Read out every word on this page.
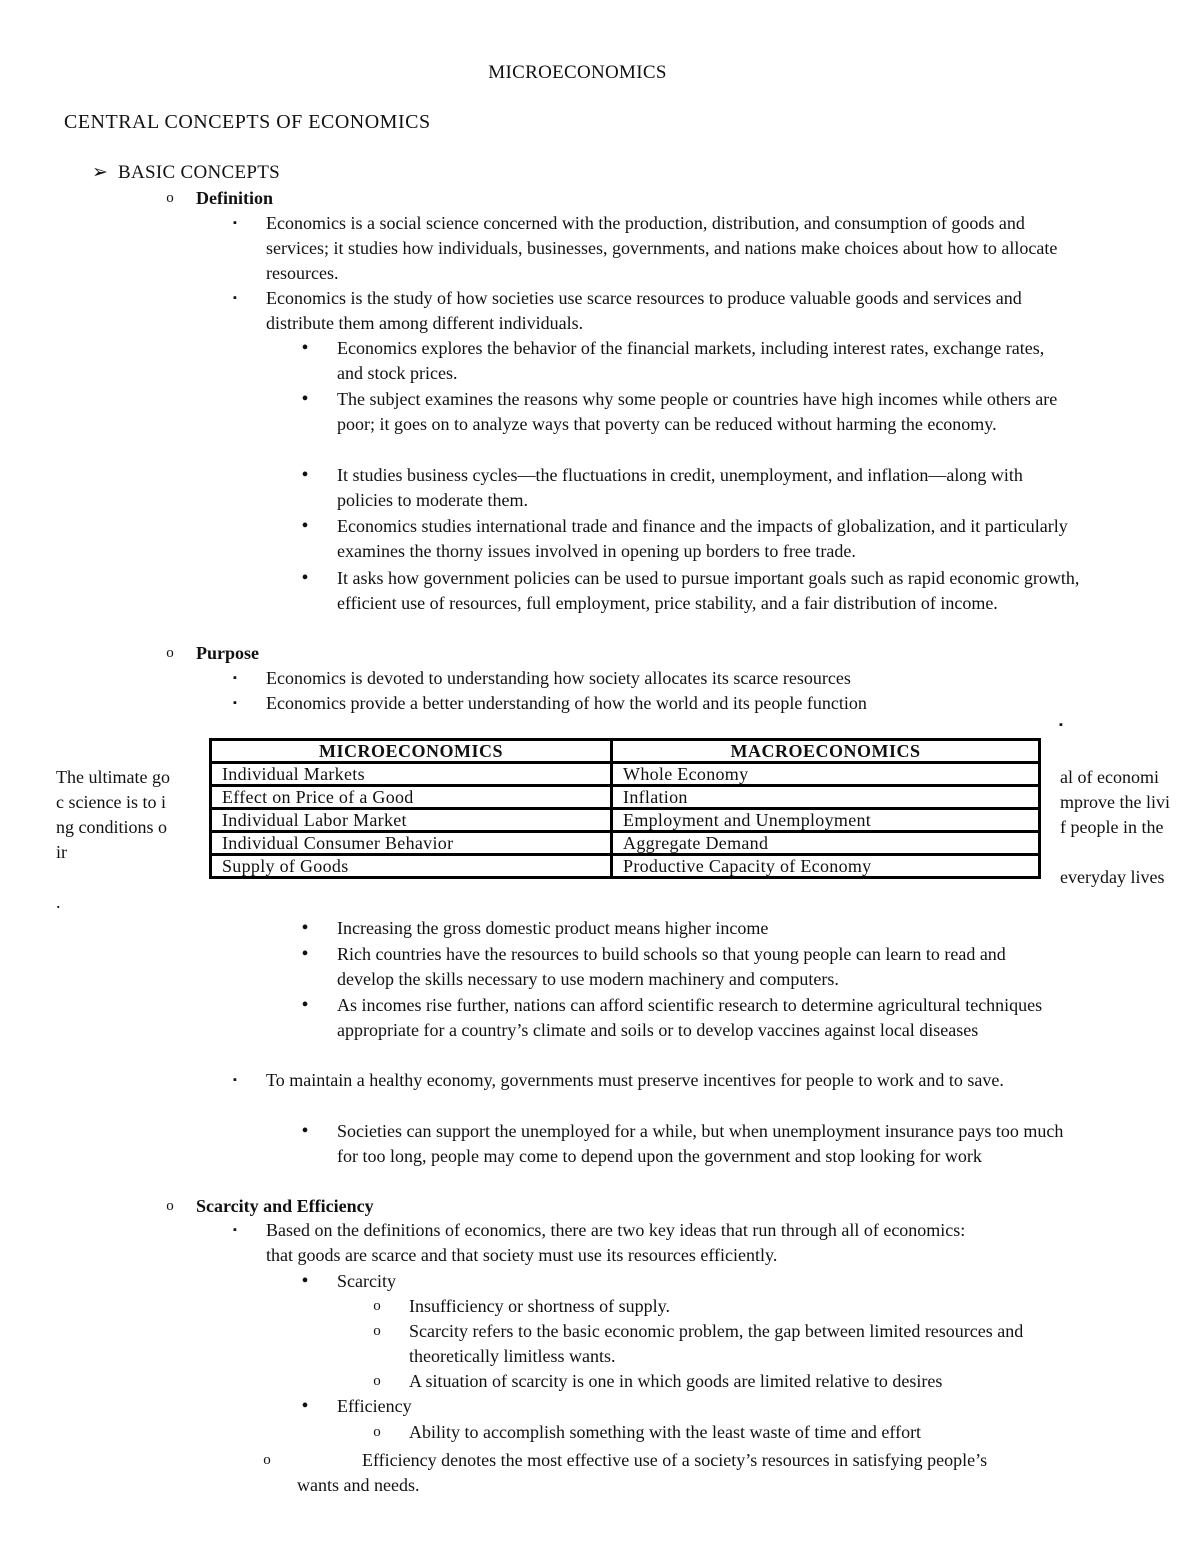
MICROECONOMICS
CENTRAL CONCEPTS OF ECONOMICS
➢ BASIC CONCEPTS
o	Definition
▪ Economics is a social science concerned with the production, distribution, and consumption of goods and services; it studies how individuals, businesses, governments, and nations make choices about how to allocate resources.
▪ Economics is the study of how societies use scarce resources to produce valuable goods and services and distribute them among different individuals.
• Economics explores the behavior of the financial markets, including interest rates, exchange rates, and stock prices.
• The subject examines the reasons why some people or countries have high incomes while others are poor; it goes on to analyze ways that poverty can be reduced without harming the economy.
• It studies business cycles—the fluctuations in credit, unemployment, and inflation—along with policies to moderate them.
• Economics studies international trade and finance and the impacts of globalization, and it particularly examines the thorny issues involved in opening up borders to free trade.
• It asks how government policies can be used to pursue important goals such as rapid economic growth, efficient use of resources, full employment, price stability, and a fair distribution of income.
o	Purpose
▪ Economics is devoted to understanding how society allocates its scarce resources
▪ Economics provide a better understanding of how the world and its people function
▪
MICROECONOMICS	MACROECONOMICS
Individual Markets	Whole Economy
Effect on Price of a Good	Inflation
Individual Labor Market	Employment and Unemployment
Individual Consumer Behavior	Aggregate Demand
Supply of Goods	Productive Capacity of Economy
The ultimate go
c science is to i
ng conditions o
ir
.
al of economi
mprove the livi
f people in the
everyday lives
• Increasing the gross domestic product means higher income
• Rich countries have the resources to build schools so that young people can learn to read and develop the skills necessary to use modern machinery and computers.
• As incomes rise further, nations can afford scientific research to determine agricultural techniques appropriate for a country’s climate and soils or to develop vaccines against local diseases
▪ To maintain a healthy economy, governments must preserve incentives for people to work and to save.
• Societies can support the unemployed for a while, but when unemployment insurance pays too much for too long, people may come to depend upon the government and stop looking for work
o	Scarcity and Efficiency
▪ Based on the definitions of economics, there are two key ideas that run through all of economics: that goods are scarce and that society must use its resources efficiently.
• Scarcity
o Insufficiency or shortness of supply.
o Scarcity refers to the basic economic problem, the gap between limited resources and theoretically limitless wants.
o A situation of scarcity is one in which goods are limited relative to desires
• Efficiency
o Ability to accomplish something with the least waste of time and effort
o	Efficiency denotes the most effective use of a society’s resources in satisfying people’s wants and needs.
